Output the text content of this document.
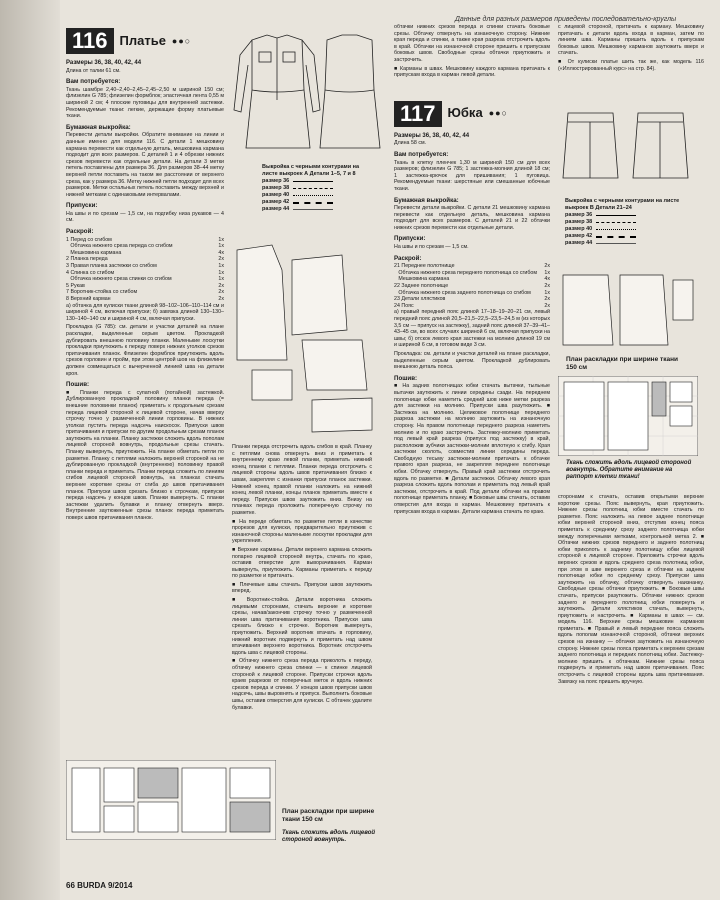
Данные для разных размеров приведены последовательно-круглы
116 Платье ●●○
Размеры 36, 38, 40, 42, 44

Длина от талии 61 см.

Вам потребуется:

Ткань шамбре 2,40–2,40–2,45–2,45–2,50 м шириной 150 см; флизелин G 785; флизелин формблок; эластичная лента 0,55 м шириной 2 см; 4 плоские пуговицы для внутренней застежки. Рекомендуемые ткани: легкие, держащие форму платьевые ткани.

Бумажная выкройка:

Перевести детали выкройки. Обратите внимание на линии и данные именно для модели 116. С детали 1 мешковину кармана перевести как отдельную деталь, мешковина кармана подходит для всех размеров. С деталей 1 и 4 обрезки нижних срезов перевести как отдельные детали. На детали 3 метки петель поставлены для размера 36. Для размеров 38–44 метку верхней петли поставить на таком же расстоянии от верхнего среза, как у размера 36. Метку нижней петли подходит для всех размеров. Метки остальных петель поставить между верхней и нижней метками с одинаковыми интервалами.

Припуски:

На швы и по срезам — 1,5 см, на подгибку низа рукавов — 4 см.

Раскрой:
1 Перед со сгибом	1x
Обтачка нижнего среза переда со сгибом	1x
Мешковина кармана	4x
2 Планка переда	2x
3 Правая планка застежки со сгибом	1x
4 Спинка со сгибом	1x
Обтачка нижнего среза спинки со сгибом	1x
5 Рукав	2x
7 Воротник-стойка со сгибом	2x
8 Верхний карман	2x

а) обтачка для кулиски ткани длиной 98–102–106–110–114 см и шириной 4 см, включая припуски; б) завязка длиной 130–130–130–140–140 см и шириной 4 см, включая припуски.

Прокладка (G 785): см. детали и участки деталей на плане раскладки, выделенные серым цветом. Прокладкой дублировать внешнюю половину планки. Маленькие лоскутки прокладки приутюжить к переду поверх нижних уголков срезов притачивания планок. Флизелин формблок приутюжить вдоль срезов горловин и пройм, при этом центрой шов на флизелине должен совмещаться с вычерченной линией шва на детали кроя.

Пошив:

■ Планки переда с супатной (потайной) застежкой. Дублированную прокладкой половину планки переда (= внешние половинки планок) приметать к продольным срезам переда лицевой стороной к лицевой стороне, начав вверху строчку точно у размеченной линии горловины. В нижних уголках пустить переда надсечь наискосок. Припуски швов притачивания и припуски по другим продольным срезам планок заутюжить на планки. Планку застежки сложить вдоль пополам лицевой стороной вовнутрь, продольные срезы стачать. Планку вывернуть, приутюжить. На планке обметать петли по разметке. Планку с петлями наложить верхней стороной на не дублированную прокладкой (внутреннюю) половинку правой планки переда и приметать. Планки переда сложить по линиям сгибов лицевой стороной вовнутрь, на планках стачать верхние короткие срезы от сгиба до швов притачивания планок. Припуски швов срезать близко к строчкам, припуски переда надсечь у концов швов. Планки вывернуть. С планки застежки удалить булавки и планку отвернуть вверх. Внутренние заутюженные срезы планок переда приметать поверх швов притачивания планок.

Выкройка с черными контурами на листе выкроек А Детали 1–5, 7 и 8
размер 36
размер 38
размер 40
размер 42
размер 44

Планки переда отстрочить вдоль сгибов в край. Планку с петлями снова отвернуть вниз и приметать к внутреннему краю левой планки, приметать нижний конец планки с петлями. Планки переда отстрочить с лицевой стороны вдоль швов притачивания близко к швам, закрепляя с изнанки припуски планок застежки. Нижний конец правой планки наложить на нижний конец левой планки, концы планок приметать вместе к переду. Припуски швов заутюжить вниз. Внизу на планках переда проложить поперечную строчку по разметке.

■ На переде обметать по разметке петли в качестве прорезов для кулиски, предварительно приутюжив с изнаночной стороны маленькие лоскутки прокладки для укрепления.

■ Верхние карманы. Детали верхнего кармана сложить попарно лицевой стороной внутрь, стачать по краю, оставив отверстие для выворачивания. Карман вывернуть, приутюжить. Карманы приметать к переду по разметке и притачать.

■ Плечевые швы стачать. Припуски швов заутюжить вперед.

■ Воротник-стойка. Детали воротника сложить лицевыми сторонами, стачать верхние и короткие срезы, начав/закончив строчку точно у размеченной линии шва притачивания воротника. Припуски шва срезать близко к строчке. Воротник вывернуть, приутюжить. Верхний воротник втачать в горловину, нижний воротник подвернуть и приметать над швом втачивания верхнего воротника. Воротник отстрочить вдоль шва с лицевой стороны.

■ Обтачку нижнего среза переда приколоть к переду, обтачку нижнего среза спинки — к спинке лицевой стороной к лицевой стороне. Припуски строчки вдоль краев разрезов от поперечных меток и вдоль нижних срезов переда и спинки. У концов швов припуски швов надсечь, швы выровнять и припуск. Выполнить боковые швы, оставив отверстия для кулиски. С обтачек удалите булавки.

План раскладки при ширине ткани 150 см
Ткань сложить вдоль лицевой стороной вовнутрь.

обтачки нижних срезов переда и спинки стачать боковые срезы. Обтачку отвернуть на изнаночную сторону. Нижние края переда и спинки, а также края разреза отстрочить вдоль в край. Обтачки на изнаночной стороне пришить к припускам боковых швов. Свободные срезы обтачки приутюжить и застрочить.

■ Карманы в швах. Мешковину каждого кармана притачать к припускам входа в карман левой детали.

117 Юбка ●●○
Размеры 36, 38, 40, 42, 44

Длина 58 см.

Вам потребуется:

Ткань в клетку пленчек 1,30 м шириной 150 см для всех размеров; флизелин G 785; 1 застежка-молния длиной 18 см; 1 застежка-крючок для пришивания; 1 пуговица. Рекомендуемые ткани: шерстяные или смешанные юбочные ткани.

Бумажная выкройка:

Перевести детали выкройки. С детали 21 мешковину кармана перевести как отдельную деталь, мешковина кармана подходит для всех размеров. С деталей 21 и 22 обтачки нижних срезов перевести как отдельные детали.

Припуски:

На швы и по срезам — 1,5 см.

Раскрой:
21 Переднее полотнище	2x
Обтачка нижнего среза переднего полотнища со сгибом 1x
Мешковина кармана	4x
22 Заднее полотнище	2x
Обтачка нижнего среза заднего полотнища со сгибом	1x
23 Детали хлястиков	2x
24 Пояс	2x

а) правый передний пояс длиной 17–18–19–20–21 см, левый передний пояс длиной 20,5–21,5–22,5–23,5–24,5 м (из которых 3,5 см — припуск на застежку), задний пояс длиной 37–39–41–43–45 см, во всех случаях шириной 6 см, включая припуски на швы; б) отскок левого края застежки на молнию длиной 19 см и шириной 6 см, в готовом виде 3 см.

Прокладка: см. детали и участки деталей на плане раскладки, выделенные серым цветом. Прокладкой дублировать внешнюю деталь пояса.

Пошив:

■ На задних полотнищах юбки стачать вытачки, тыльные вытачки заутюжить к линии середины сзади. На переднем полотнище юбки наметить средний шов ниже метки разреза для застежки на молнию. Припуски шва разутюжить. ■ Застежка на молнию. Целиковое полотнище переднего разреза застежки на молнию заутюжить на изнаночную сторону. На правом полотнище переднего разреза наметить молнию и по краю застрочить. Застежку-молнию приметать под левый край разреза (припуск под застежку) в край, расположив зубчики застежки-молнии вплотную к сгибу. Края застежки сколоть, совместив линии середины переда. Свободную тесьму застежки-молнии притачать к обтачке правого края разреза, не закрепляя переднее полотнище юбки. Обтачку отвернуть. Правый край застежки отстрочить вдоль по разметке. ■ Детали застежки. Обтачку левого края разреза сложить вдоль пополам и приметать под левый край застежки, отстрочить в край. Под детали обтачки на правом полотнище приметать планку. ■ Боковые швы стачать, оставив отверстия для входа в карман. Мешковину притачать к припускам входа в карман. Детали кармана стачать по краю.

Выкройка с черными контурами на листе выкроек В Детали 21–24
размер 36
размер 38
размер 40
размер 42
размер 44
План раскладки при ширине ткани 150 см
Ткань сложить вдоль лицевой стороной вовнутрь. Обратите внимание на раппорт клетки ткани!

с лицевой стороной, притачать к карману. Мешковину притачать к детали вдоль входа в карман, затем по линиям шва. Карманы пришить вдоль к припускам боковых швов. Мешковину карманов заутюжить вверх и стачать.

■ От кулиски платье шить так же, как модель 116 («Иллюстрированный курс» на стр. 84).

сторонами к стачать, оставив открытыми верхние короткие срезы. Пояс вывернуть, края приутюжить. Нижние срезы полотнищ юбки вместе стачать по разметке. Пояс наложить на левое заднее полотнище юбки верхней стороной вниз, отступив конец пояса приметать к среднему срезу заднего полотнища юбки между поперечными метками, контрольной метка 2. ■ Обтачки нижних срезов переднего и заднего полотнищ юбки приколоть к заднему полотнищу юбки лицевой стороной к лицевой стороне. Приложить строчки вдоль верхних срезов и вдоль среднего среза полотнищ юбки, при этом в шве верхнего среза и обтачки на заднем полотнище юбки по среднему срезу. Припуски шва заутюжить на обтачку, обтачку отвернуть наизнанку. Свободные срезы обтачки приутюжить. ■ Боковые швы стачать, припуски разутюжить. Обтачки нижних срезов заднего и переднего полотнищ юбки повернуть и заутюжить. Детали хлястиков стачать, вывернуть, приутюжить и настрочить. ■ Карманы в швах — см. модель 116. Верхние срезы мешковин карманов приметать. ■ Правый и левый передние пояса сложить вдоль пополам изнаночной стороной, обтачки верхних срезов на изнанку — обтачки заутюжить на изнаночную сторону. Нижние срезы пояса приметать к верхним срезам заднего полотнища и передних полотнищ юбки. Застежку-молнию пришить к обтачкам. Нижние срезы пояса подвернуть и приметать над швом притачивания. Пояс отстрочить с лицевой стороны вдоль шва притачивания. Завязку на пояс пришить вручную.

66 BURDA 9/2014
